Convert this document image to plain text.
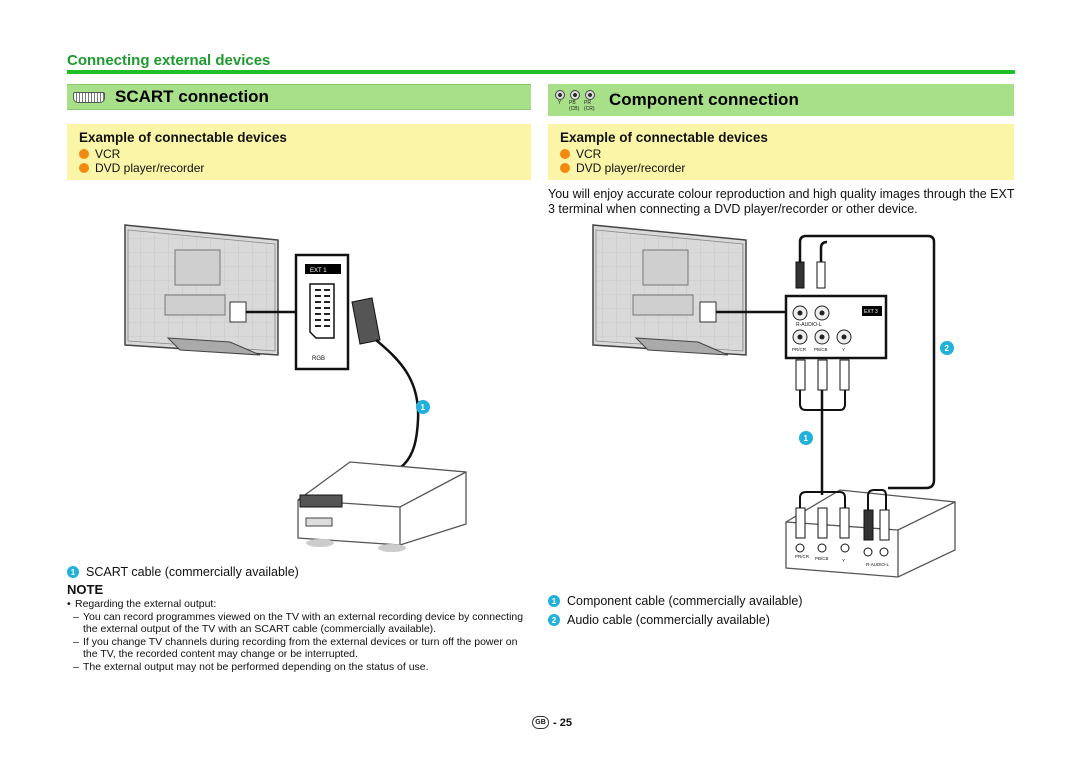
Connecting external devices
SCART connection	Y PB (CB)
PR (CR) Component connection
Example of connectable devices
VCR
DVD player/recorder
Example of connectable devices
VCR
DVD player/recorder
You will enjoy accurate colour reproduction and high quality images through the EXT 3 terminal when connecting a DVD player/recorder or other device.
EXT 1
RGB
1
EXT 3
R-AUDIO-L
PR/CR PB/CB	Y	2
1
PR/CR PB/CB	Y
R-AUDIO-L
1 SCART cable (commercially available)
1 Component cable (commercially available)
2 Audio cable (commercially available)
NOTE

• Regarding the external output:

– You can record programmes viewed on the TV with an external recording device by connecting the external output of the TV with an SCART cable (commercially available).

– If you change TV channels during recording from the external devices or turn off the power on the TV, the recorded content may change or be interrupted.

– The external output may not be performed depending on the status of use.

GB - 25
